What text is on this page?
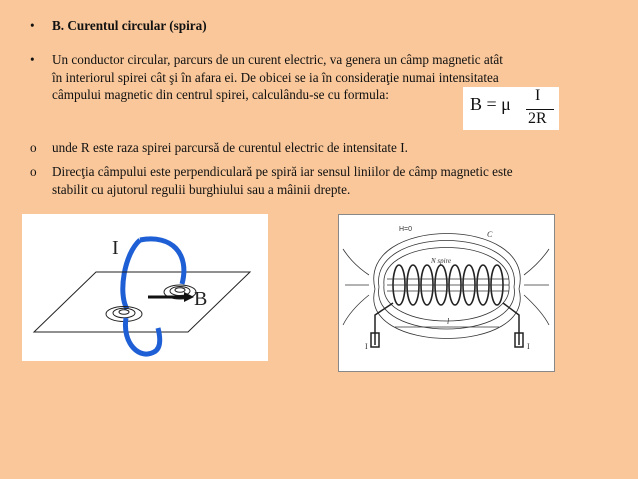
•	B. Curentul circular (spira)
•	Un conductor circular, parcurs de un curent electric, va genera un câmp magnetic atât
în interiorul spirei cât şi în afara ei. De obicei se ia în consideraţie numai intensitatea
câmpului magnetic din centrul spirei, calculându-se cu formula:	B = μ I
2R
o	unde R este raza spirei parcursă de curentul electric de intensitate I.
o	Direcţia câmpului este perpendiculară pe spiră iar sensul liniilor de câmp magnetic este
stabilit cu ajutorul regulii burghiului sau a mâinii drepte.
I
B
H=0
C
N spire
l
I	I
